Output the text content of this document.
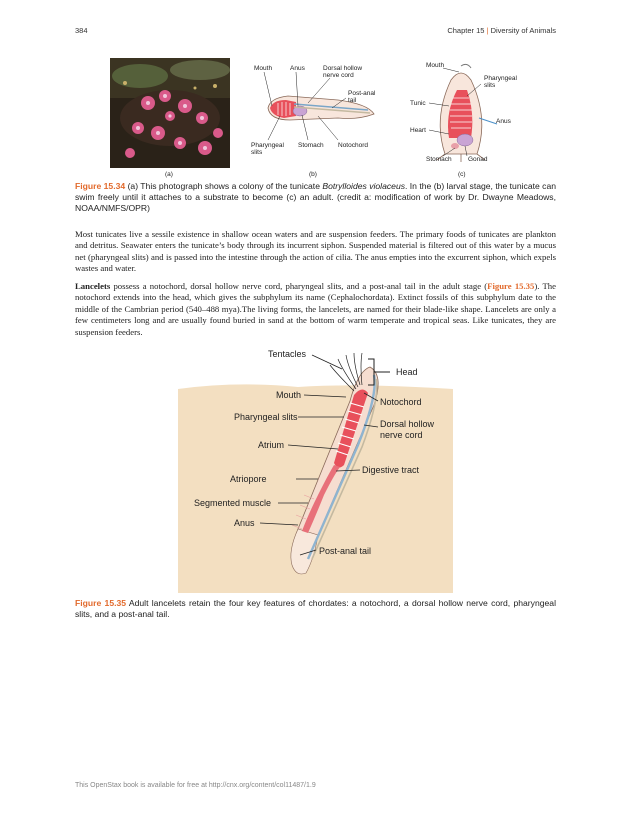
384	Chapter 15 | Diversity of Animals
(a)
Mouth	Anus	Dorsal hollow
nerve cord
Post-anal
tail
Pharyngeal
slits
Stomach Notochord
(b)
Mouth
Pharyngeal
slits
Tunic
Anus
Heart
Stomach	Gonad
(c)
Figure 15.34 (a) This photograph shows a colony of the tunicate Botrylloides violaceus. In the (b) larval stage, the tunicate can swim freely until it attaches to a substrate to become (c) an adult. (credit a: modification of work by Dr. Dwayne Meadows, NOAA/NMFS/OPR)
Most tunicates live a sessile existence in shallow ocean waters and are suspension feeders. The primary foods of tunicates are plankton and detritus. Seawater enters the tunicate’s body through its incurrent siphon. Suspended material is filtered out of this water by a mucus net (pharyngeal slits) and is passed into the intestine through the action of cilia. The anus empties into the excurrent siphon, which expels wastes and water.
Lancelets possess a notochord, dorsal hollow nerve cord, pharyngeal slits, and a post-anal tail in the adult stage (Figure 15.35). The notochord extends into the head, which gives the subphylum its name (Cephalochordata). Extinct fossils of this subphylum date to the middle of the Cambrian period (540–488 mya).The living forms, the lancelets, are named for their blade-like shape. Lancelets are only a few centimeters long and are usually found buried in sand at the bottom of warm temperate and tropical seas. Like tunicates, they are suspension feeders.
Tentacles
Head
Mouth
Notochord
Pharyngeal slits
Dorsal hollow
nerve cord
Atrium
Digestive tract
Atriopore
Segmented muscle
Anus
Post-anal tail
Figure 15.35 Adult lancelets retain the four key features of chordates: a notochord, a dorsal hollow nerve cord, pharyngeal slits, and a post-anal tail.
This OpenStax book is available for free at http://cnx.org/content/col11487/1.9
